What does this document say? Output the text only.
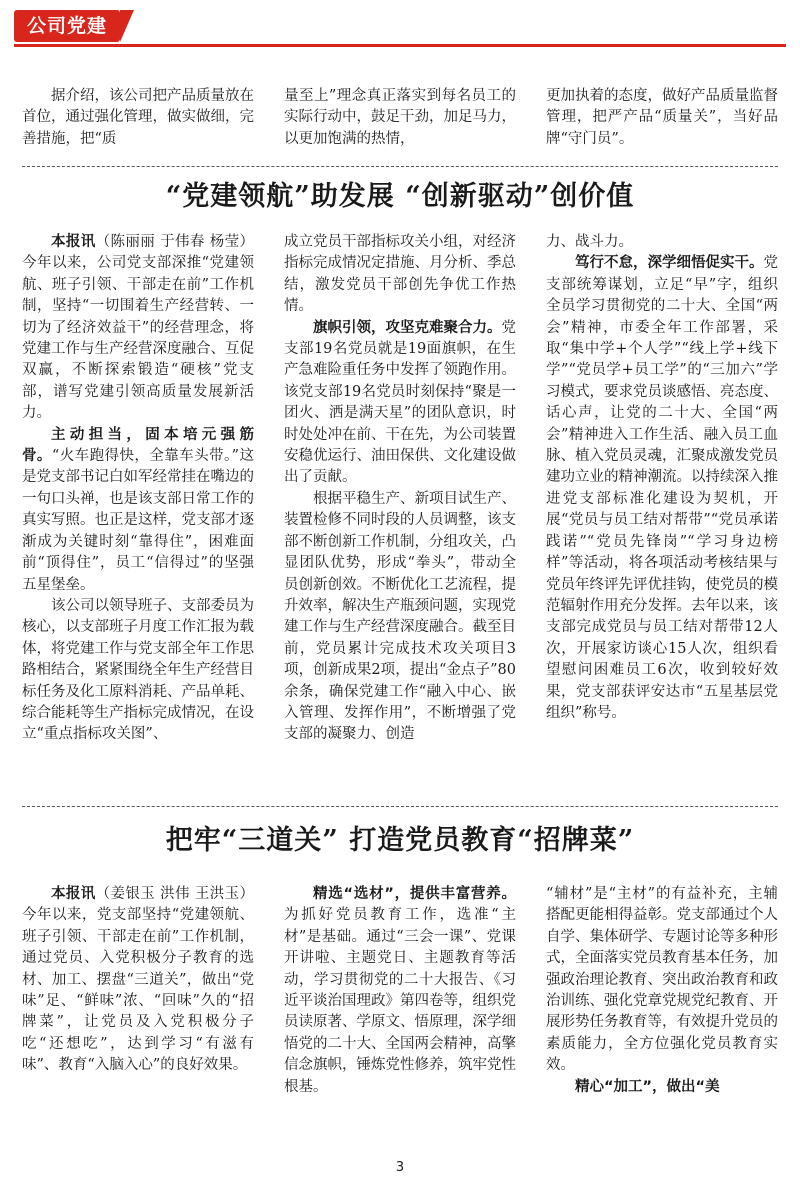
公司党建

据介绍，该公司把产品质量放在首位，通过强化管理，做实做细，完善措施，把“质

量至上”理念真正落实到每名员工的实际行动中，鼓足干劲，加足马力，以更加饱满的热情，

更加执着的态度，做好产品质量监督管理，把严产品“质量关”，当好品牌“守门员”。

“党建领航”助发展 “创新驱动”创价值

本报讯（陈丽丽 于伟春 杨莹）今年以来，公司党支部深推“党建领航、班子引领、干部走在前”工作机制，坚持“一切围着生产经营转、一切为了经济效益干”的经营理念，将党建工作与生产经营深度融合、互促双赢，不断探索锻造“硬核”党支部，谱写党建引领高质量发展新活力。

主动担当，固本培元强筋骨。“火车跑得快，全靠车头带。”这是党支部书记白如军经常挂在嘴边的一句口头禅，也是该支部日常工作的真实写照。也正是这样，党支部才逐渐成为关键时刻“靠得住”，困难面前“顶得住”，员工“信得过”的坚强五星堡垒。

该公司以领导班子、支部委员为核心，以支部班子月度工作汇报为载体，将党建工作与党支部全年工作思路相结合，紧紧围绕全年生产经营目标任务及化工原料消耗、产品单耗、综合能耗等生产指标完成情况，在设立“重点指标攻关图”、

成立党员干部指标攻关小组，对经济指标完成情况定措施、月分析、季总结，激发党员干部创先争优工作热情。

旗帜引领，攻坚克难聚合力。党支部19名党员就是19面旗帜，在生产急难险重任务中发挥了领跑作用。该党支部19名党员时刻保持“聚是一团火、洒是满天星”的团队意识，时时处处冲在前、干在先，为公司装置安稳优运行、油田保供、文化建设做出了贡献。

根据平稳生产、新项目试生产、装置检修不同时段的人员调整，该支部不断创新工作机制，分组攻关，凸显团队优势，形成“拳头”，带动全员创新创效。不断优化工艺流程，提升效率，解决生产瓶颈问题，实现党建工作与生产经营深度融合。截至目前，党员累计完成技术攻关项目3项，创新成果2项，提出“金点子”80余条，确保党建工作“融入中心、嵌入管理、发挥作用”，不断增强了党支部的凝聚力、创造

力、战斗力。

笃行不怠，深学细悟促实干。党支部统筹谋划，立足“早”字，组织全员学习贯彻党的二十大、全国“两会”精神，市委全年工作部署，采取“集中学+个人学”“线上学+线下学”“党员学+员工学”的“三加六”学习模式，要求党员谈感悟、亮态度、话心声，让党的二十大、全国“两会”精神进入工作生活、融入员工血脉、植入党员灵魂，汇聚成激发党员建功立业的精神潮流。以持续深入推进党支部标准化建设为契机，开展“党员与员工结对帮带”“党员承诺践诺”“党员先锋岗”“学习身边榜样”等活动，将各项活动考核结果与党员年终评先评优挂钩，使党员的模范辐射作用充分发挥。去年以来，该支部完成党员与员工结对帮带12人次，开展家访谈心15人次，组织看望慰问困难员工6次，收到较好效果，党支部获评安达市“五星基层党组织”称号。

把牢“三道关” 打造党员教育“招牌菜”

本报讯（姜银玉 洪伟 王洪玉）今年以来，党支部坚持“党建领航、班子引领、干部走在前”工作机制，通过党员、入党积极分子教育的选材、加工、摆盘“三道关”，做出“党味”足、“鲜味”浓、“回味”久的“招牌菜”，让党员及入党积极分子吃“还想吃”，达到学习“有滋有味”、教育“入脑入心”的良好效果。

精选“选材”，提供丰富营养。为抓好党员教育工作，选准“主材”是基础。通过“三会一课”、党课开讲啦、主题党日、主题教育等活动，学习贯彻党的二十大报告、《习近平谈治国理政》第四卷等，组织党员读原著、学原文、悟原理，深学细悟党的二十大、全国两会精神，高擎信念旗帜，锤炼党性修养，筑牢党性根基。

“辅材”是“主材”的有益补充，主辅搭配更能相得益彰。党支部通过个人自学、集体研学、专题讨论等多种形式，全面落实党员教育基本任务，加强政治理论教育、突出政治教育和政治训练、强化党章党规党纪教育、开展形势任务教育等，有效提升党员的素质能力，全方位强化党员教育实效。

精心“加工”，做出“美

3
